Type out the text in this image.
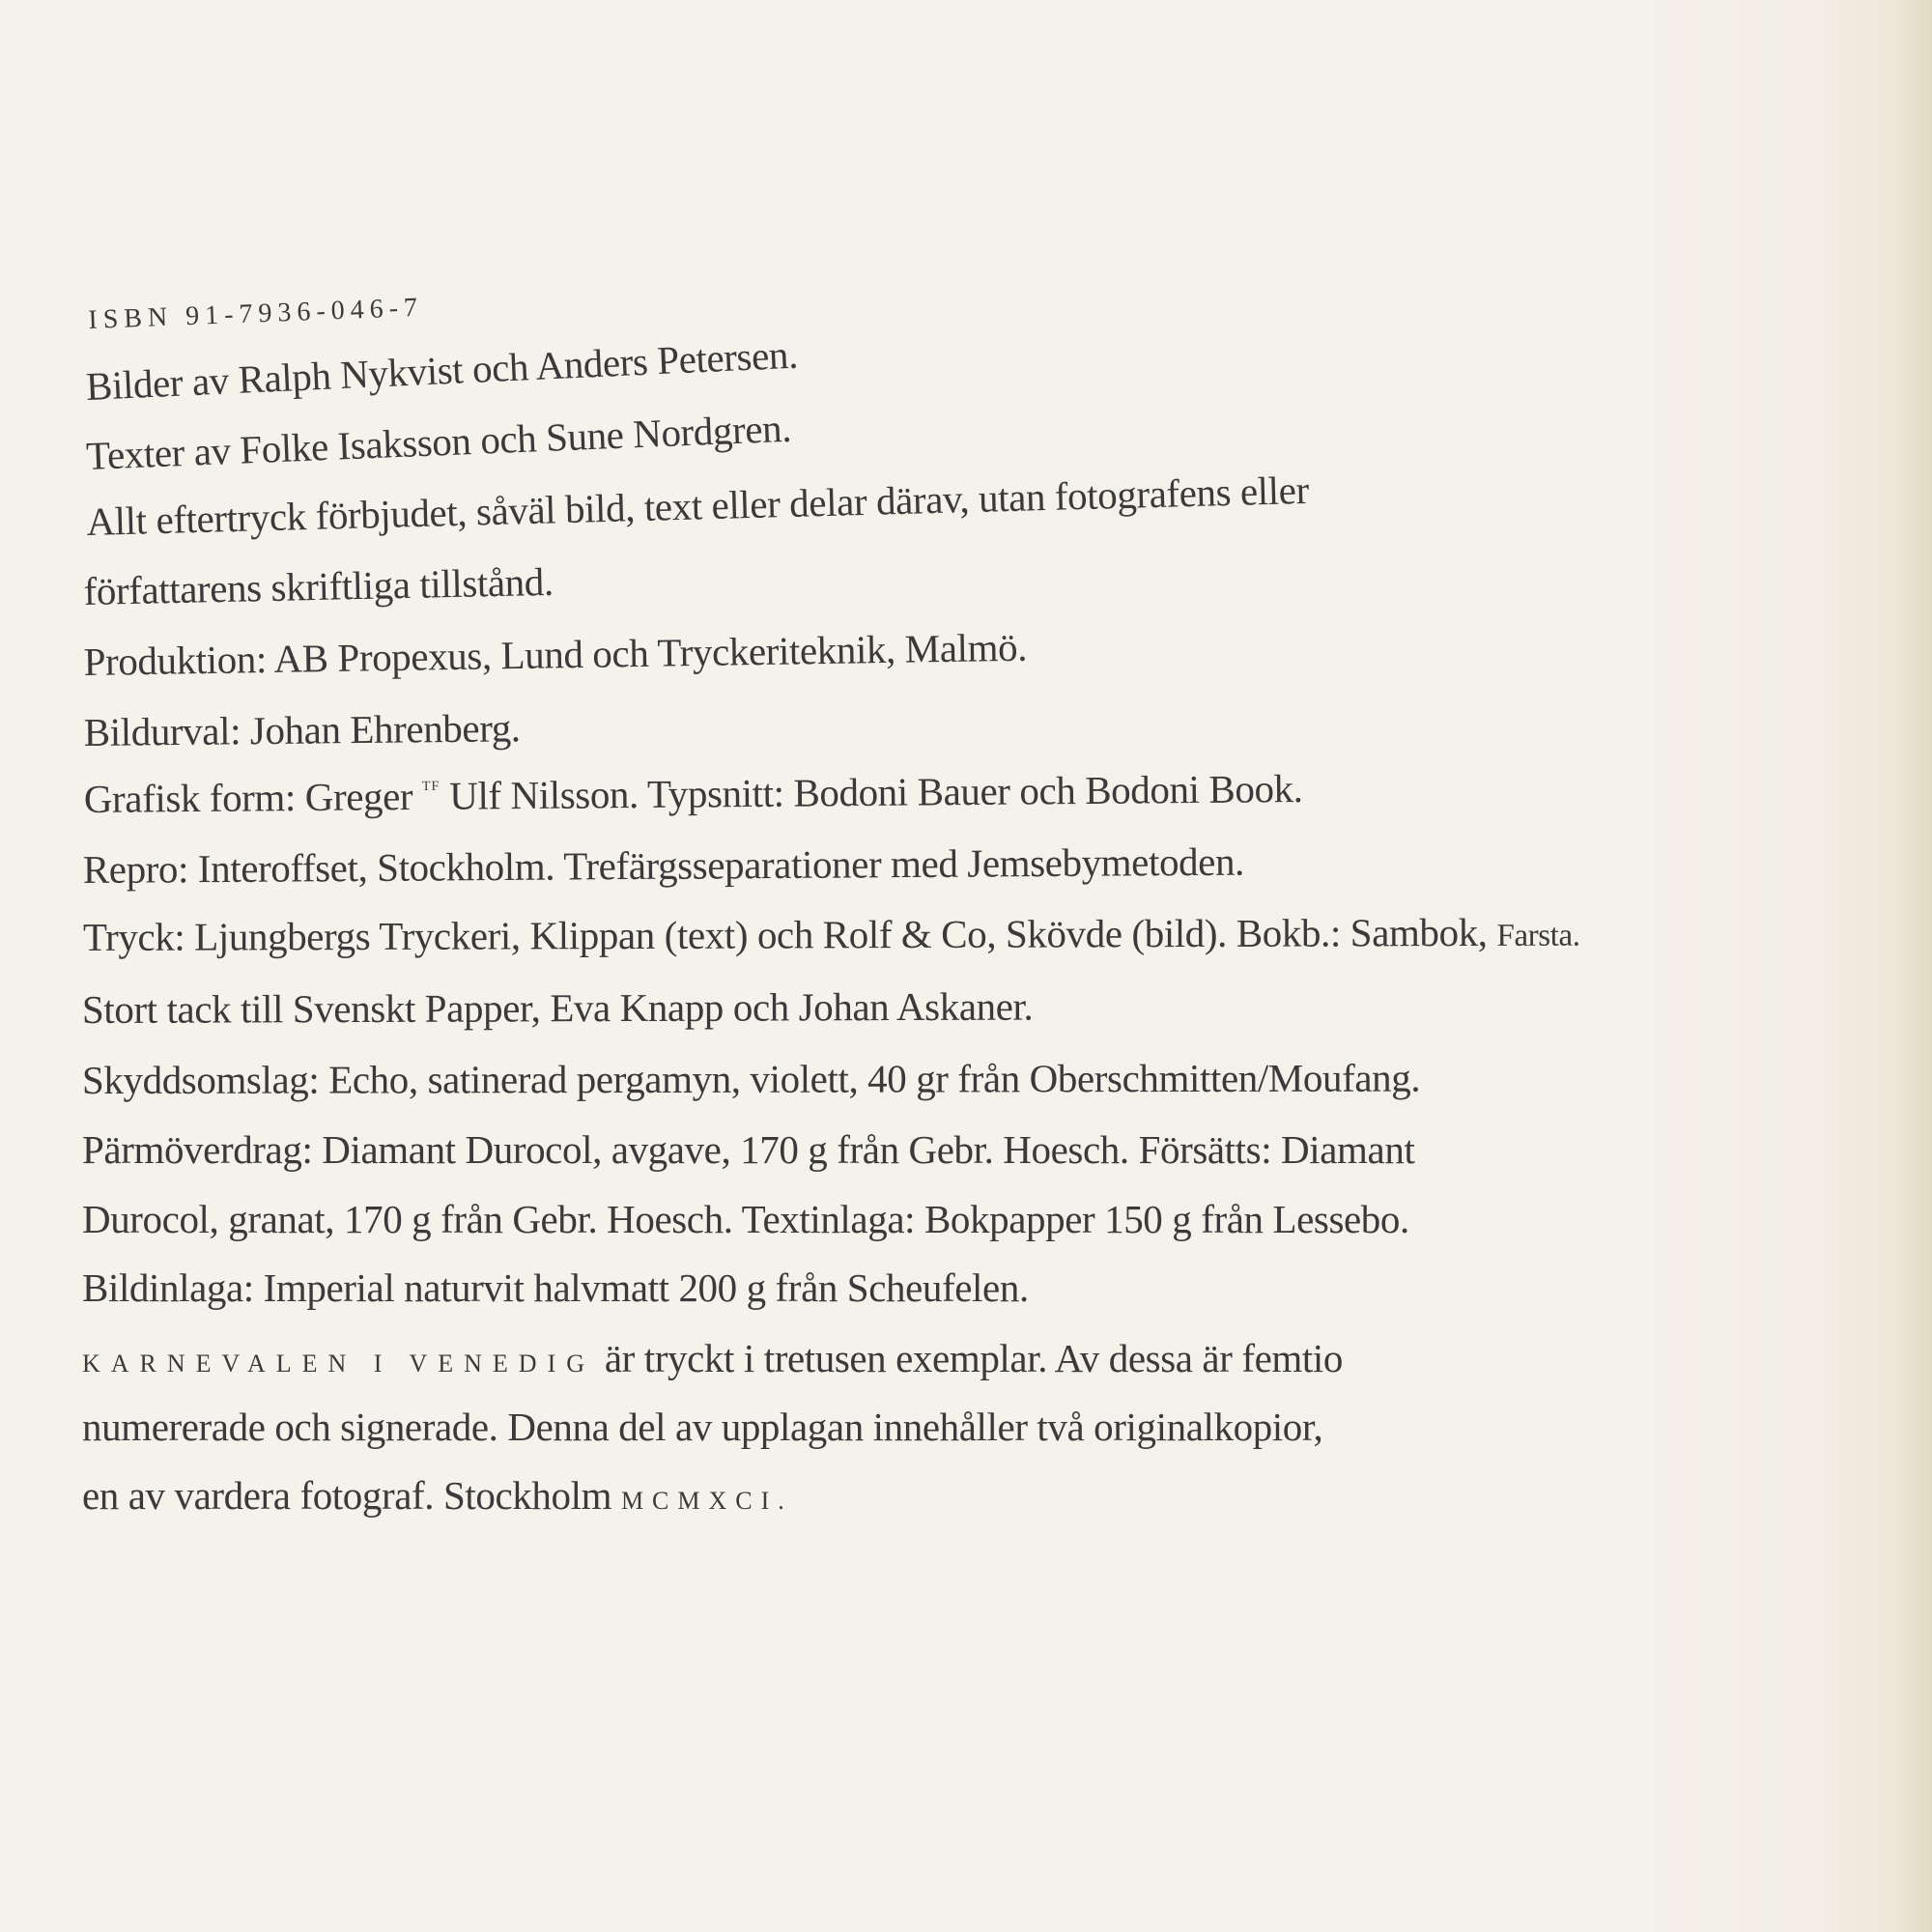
ISBN 91-7936-046-7
Bilder av Ralph Nykvist och Anders Petersen.
Texter av Folke Isaksson och Sune Nordgren.
Allt eftertryck förbjudet, såväl bild, text eller delar därav, utan fotografens eller
författarens skriftliga tillstånd.
Produktion: AB Propexus, Lund och Tryckeriteknik, Malmö.
Bildurval: Johan Ehrenberg.
Grafisk form: Greger $^{TF}$ Ulf Nilsson. Typsnitt: Bodoni Bauer och Bodoni Book.
Repro: Interoffset, Stockholm. Trefärgsseparationer med Jemsebymetoden.
Tryck: Ljungbergs Tryckeri, Klippan (text) och Rolf & Co, Skövde (bild). Bokb.: Sambok, Farsta.
Stort tack till Svenskt Papper, Eva Knapp och Johan Askaner.
Skyddsomslag: Echo, satinerad pergamyn, violett, 40 gr från Oberschmitten/Moufang.
Pärmöverdrag: Diamant Durocol, avgave, 170 g från Gebr. Hoesch. Försätts: Diamant
Durocol, granat, 170 g från Gebr. Hoesch. Textinlaga: Bokpapper 150 g från Lessebo.
Bildinlaga: Imperial naturvit halvmatt 200 g från Scheufelen.
KARNEVALEN I VENEDIG är tryckt i tretusen exemplar. Av dessa är femtio
numererade och signerade. Denna del av upplagan innehåller två originalkopior,
en av vardera fotograf. Stockholm MCMXCI.
